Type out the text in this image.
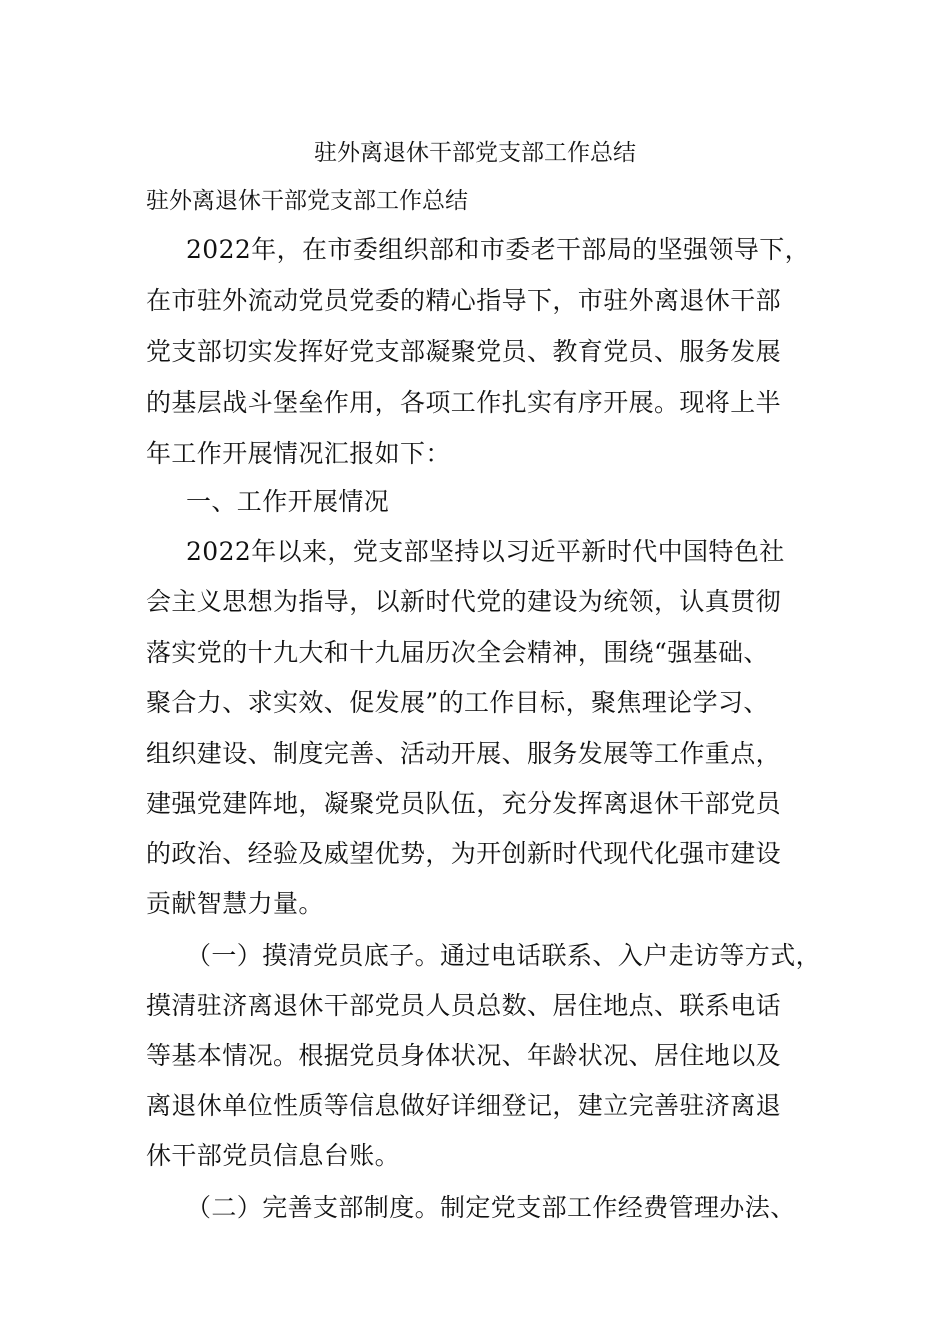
驻外离退休干部党支部工作总结

驻外离退休干部党支部工作总结

2022年，在市委组织部和市委老干部局的坚强领导下，

在市驻外流动党员党委的精心指导下，市驻外离退休干部

党支部切实发挥好党支部凝聚党员、教育党员、服务发展

的基层战斗堡垒作用，各项工作扎实有序开展。现将上半

年工作开展情况汇报如下：

一、工作开展情况

2022年以来，党支部坚持以习近平新时代中国特色社

会主义思想为指导，以新时代党的建设为统领，认真贯彻

落实党的十九大和十九届历次全会精神，围绕“强基础、

聚合力、求实效、促发展”的工作目标，聚焦理论学习、

组织建设、制度完善、活动开展、服务发展等工作重点，

建强党建阵地，凝聚党员队伍，充分发挥离退休干部党员

的政治、经验及威望优势，为开创新时代现代化强市建设

贡献智慧力量。

（一）摸清党员底子。通过电话联系、入户走访等方式，

摸清驻济离退休干部党员人员总数、居住地点、联系电话

等基本情况。根据党员身体状况、年龄状况、居住地以及

离退休单位性质等信息做好详细登记，建立完善驻济离退

休干部党员信息台账。

（二）完善支部制度。制定党支部工作经费管理办法、
